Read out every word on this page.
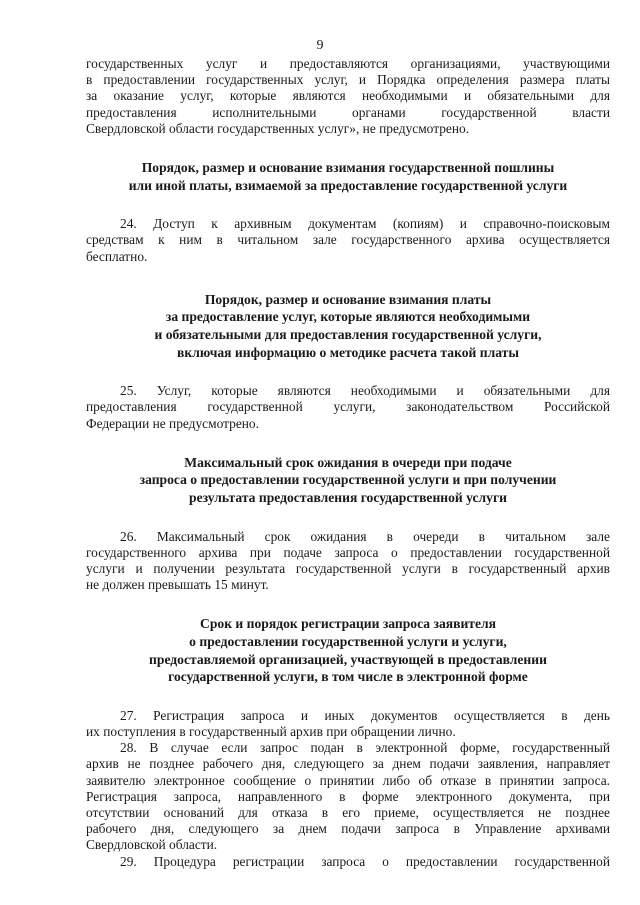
9

государственных услуг и предоставляются организациями, участвующими
в предоставлении государственных услуг, и Порядка определения размера платы
за оказание услуг, которые являются необходимыми и обязательными для
предоставления исполнительными органами государственной власти
Свердловской области государственных услуг», не предусмотрено.

Порядок, размер и основание взимания государственной пошлины
или иной платы, взимаемой за предоставление государственной услуги

24. Доступ к архивным документам (копиям) и справочно-поисковым
средствам к ним в читальном зале государственного архива осуществляется
бесплатно.

Порядок, размер и основание взимания платы
за предоставление услуг, которые являются необходимыми
и обязательными для предоставления государственной услуги,
включая информацию о методике расчета такой платы

25. Услуг, которые являются необходимыми и обязательными для
предоставления государственной услуги, законодательством Российской
Федерации не предусмотрено.

Максимальный срок ожидания в очереди при подаче
запроса о предоставлении государственной услуги и при получении
результата предоставления государственной услуги

26. Максимальный срок ожидания в очереди в читальном зале
государственного архива при подаче запроса о предоставлении государственной
услуги и получении результата государственной услуги в государственный архив
не должен превышать 15 минут.

Срок и порядок регистрации запроса заявителя
о предоставлении государственной услуги и услуги,
предоставляемой организацией, участвующей в предоставлении
государственной услуги, в том числе в электронной форме

27. Регистрация запроса и иных документов осуществляется в день
их поступления в государственный архив при обращении лично.

28. В случае если запрос подан в электронной форме, государственный
архив не позднее рабочего дня, следующего за днем подачи заявления, направляет
заявителю электронное сообщение о принятии либо об отказе в принятии запроса.
Регистрация запроса, направленного в форме электронного документа, при
отсутствии оснований для отказа в его приеме, осуществляется не позднее
рабочего дня, следующего за днем подачи запроса в Управление архивами
Свердловской области.

29. Процедура регистрации запроса о предоставлении государственной
